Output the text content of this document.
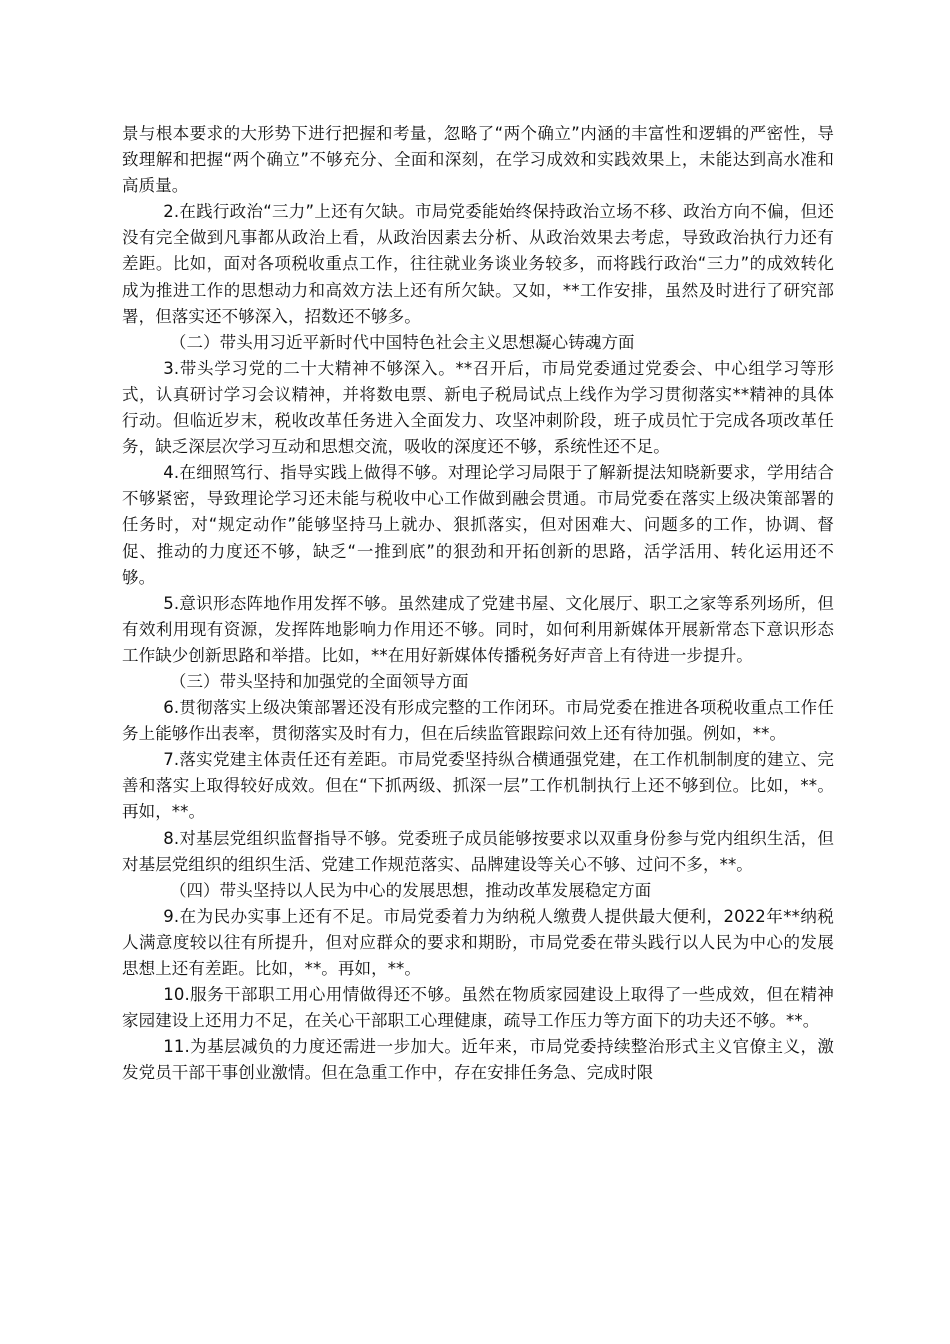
景与根本要求的大形势下进行把握和考量，忽略了“两个确立”内涵的丰富性和逻辑的严密性，导致理解和把握“两个确立”不够充分、全面和深刻，在学习成效和实践效果上，未能达到高水准和高质量。

2.在践行政治“三力”上还有欠缺。市局党委能始终保持政治立场不移、政治方向不偏，但还没有完全做到凡事都从政治上看，从政治因素去分析、从政治效果去考虑，导致政治执行力还有差距。比如，面对各项税收重点工作，往往就业务谈业务较多，而将践行政治“三力”的成效转化成为推进工作的思想动力和高效方法上还有所欠缺。又如，**工作安排，虽然及时进行了研究部署，但落实还不够深入，招数还不够多。

（二）带头用习近平新时代中国特色社会主义思想凝心铸魂方面

3.带头学习党的二十大精神不够深入。**召开后，市局党委通过党委会、中心组学习等形式，认真研讨学习会议精神，并将数电票、新电子税局试点上线作为学习贯彻落实**精神的具体行动。但临近岁末，税收改革任务进入全面发力、攻坚冲刺阶段，班子成员忙于完成各项改革任务，缺乏深层次学习互动和思想交流，吸收的深度还不够，系统性还不足。

4.在细照笃行、指导实践上做得不够。对理论学习局限于了解新提法知晓新要求，学用结合不够紧密，导致理论学习还未能与税收中心工作做到融会贯通。市局党委在落实上级决策部署的任务时，对“规定动作”能够坚持马上就办、狠抓落实，但对困难大、问题多的工作，协调、督促、推动的力度还不够，缺乏“一推到底”的狠劲和开拓创新的思路，活学活用、转化运用还不够。

5.意识形态阵地作用发挥不够。虽然建成了党建书屋、文化展厅、职工之家等系列场所，但有效利用现有资源，发挥阵地影响力作用还不够。同时，如何利用新媒体开展新常态下意识形态工作缺少创新思路和举措。比如，**在用好新媒体传播税务好声音上有待进一步提升。

（三）带头坚持和加强党的全面领导方面

6.贯彻落实上级决策部署还没有形成完整的工作闭环。市局党委在推进各项税收重点工作任务上能够作出表率，贯彻落实及时有力，但在后续监管跟踪问效上还有待加强。例如，**。

7.落实党建主体责任还有差距。市局党委坚持纵合横通强党建，在工作机制制度的建立、完善和落实上取得较好成效。但在“下抓两级、抓深一层”工作机制执行上还不够到位。比如，**。再如，**。

8.对基层党组织监督指导不够。党委班子成员能够按要求以双重身份参与党内组织生活，但对基层党组织的组织生活、党建工作规范落实、品牌建设等关心不够、过问不多，**。

（四）带头坚持以人民为中心的发展思想，推动改革发展稳定方面

9.在为民办实事上还有不足。市局党委着力为纳税人缴费人提供最大便利，2022年**纳税人满意度较以往有所提升，但对应群众的要求和期盼，市局党委在带头践行以人民为中心的发展思想上还有差距。比如，**。再如，**。

10.服务干部职工用心用情做得还不够。虽然在物质家园建设上取得了一些成效，但在精神家园建设上还用力不足，在关心干部职工心理健康，疏导工作压力等方面下的功夫还不够。**。

11.为基层减负的力度还需进一步加大。近年来，市局党委持续整治形式主义官僚主义，激发党员干部干事创业激情。但在急重工作中，存在安排任务急、完成时限
